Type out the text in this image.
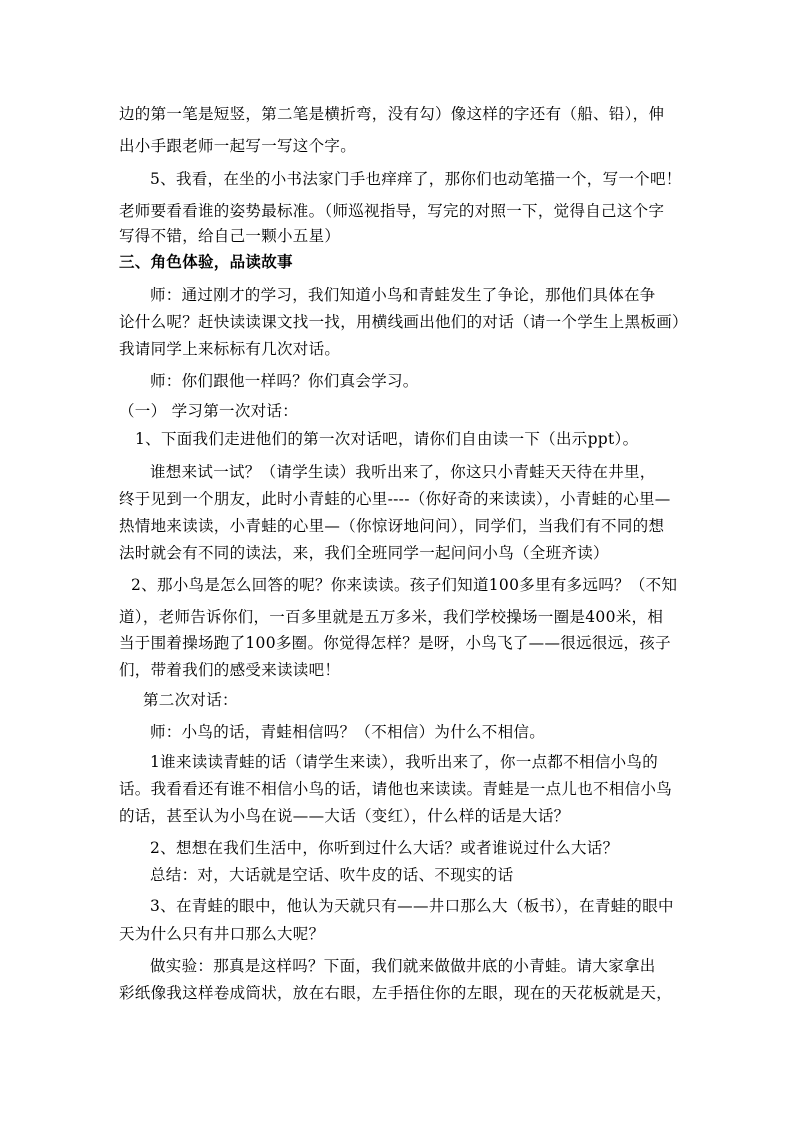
边的第一笔是短竖，第二笔是横折弯，没有勾）像这样的字还有（船、铅），伸
出小手跟老师一起写一写这个字。
5、我看，在坐的小书法家门手也痒痒了，那你们也动笔描一个，写一个吧！
老师要看看谁的姿势最标准。（师巡视指导，写完的对照一下，觉得自己这个字
写得不错，给自己一颗小五星）
三、角色体验，品读故事
师：通过刚才的学习，我们知道小鸟和青蛙发生了争论，那他们具体在争
论什么呢？赶快读读课文找一找，用横线画出他们的对话（请一个学生上黑板画）
我请同学上来标标有几次对话。
师：你们跟他一样吗？你们真会学习。
（一） 学习第一次对话：
1、下面我们走进他们的第一次对话吧，请你们自由读一下（出示ppt）。
谁想来试一试？（请学生读）我听出来了，你这只小青蛙天天待在井里，
终于见到一个朋友，此时小青蛙的心里----（你好奇的来读读），小青蛙的心里—
热情地来读读，小青蛙的心里—（你惊讶地问问），同学们，当我们有不同的想
法时就会有不同的读法，来，我们全班同学一起问问小鸟（全班齐读）
2、那小鸟是怎么回答的呢？你来读读。孩子们知道100多里有多远吗？（不知
道），老师告诉你们，一百多里就是五万多米，我们学校操场一圈是400米，相
当于围着操场跑了100多圈。你觉得怎样？是呀，小鸟飞了——很远很远，孩子
们，带着我们的感受来读读吧！
第二次对话：
师：小鸟的话，青蛙相信吗？（不相信）为什么不相信。
1谁来读读青蛙的话（请学生来读），我听出来了，你一点都不相信小鸟的
话。我看看还有谁不相信小鸟的话，请他也来读读。青蛙是一点儿也不相信小鸟
的话，甚至认为小鸟在说——大话（变红），什么样的话是大话？
2、想想在我们生活中，你听到过什么大话？或者谁说过什么大话？
总结：对，大话就是空话、吹牛皮的话、不现实的话
3、在青蛙的眼中，他认为天就只有——井口那么大（板书），在青蛙的眼中
天为什么只有井口那么大呢？
做实验：那真是这样吗？下面，我们就来做做井底的小青蛙。请大家拿出
彩纸像我这样卷成筒状，放在右眼，左手捂住你的左眼，现在的天花板就是天，
